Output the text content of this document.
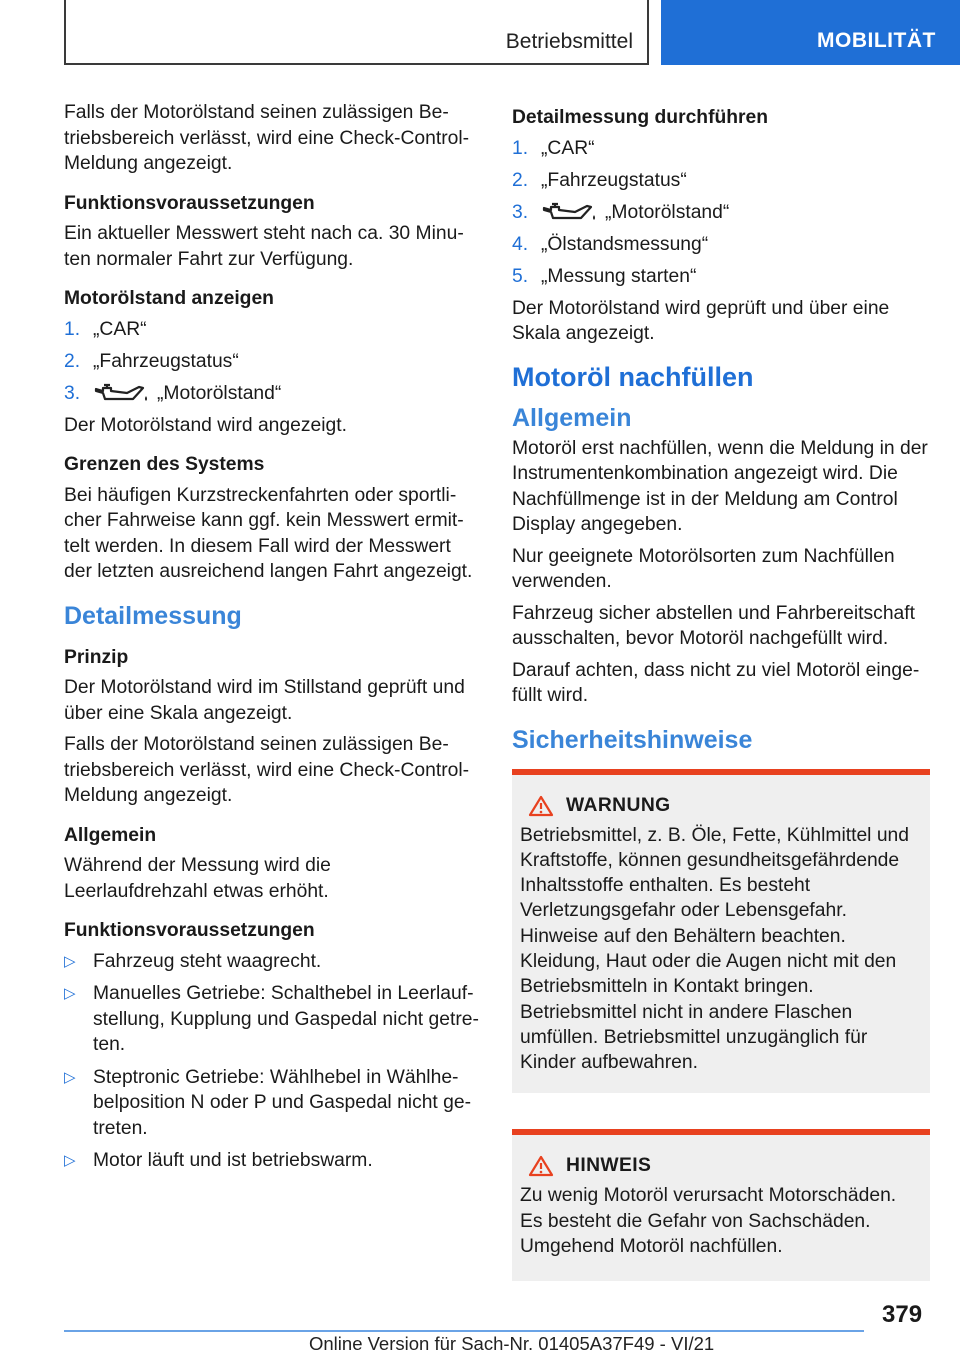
Betriebsmittel	MOBILITÄT

Falls der Motorölstand seinen zulässigen Betriebsbereich verlässt, wird eine Check-Control-Meldung angezeigt.

Funktionsvoraussetzungen

Ein aktueller Messwert steht nach ca. 30 Minuten normaler Fahrt zur Verfügung.

Motorölstand anzeigen
1. „CAR“
2. „Fahrzeugstatus“
3.	„Motorölstand“

Der Motorölstand wird angezeigt.

Grenzen des Systems

Bei häufigen Kurzstreckenfahrten oder sportlicher Fahrweise kann ggf. kein Messwert ermittelt werden. In diesem Fall wird der Messwert der letzten ausreichend langen Fahrt angezeigt.

Detailmessung
Prinzip

Der Motorölstand wird im Stillstand geprüft und über eine Skala angezeigt.

Falls der Motorölstand seinen zulässigen Betriebsbereich verlässt, wird eine Check-Control-Meldung angezeigt.

Allgemein

Während der Messung wird die Leerlaufdrehzahl etwas erhöht.

Funktionsvoraussetzungen
▷ Fahrzeug steht waagrecht.
▷ Manuelles Getriebe: Schalthebel in Leerlaufstellung, Kupplung und Gaspedal nicht getreten.
▷ Steptronic Getriebe: Wählhebel in Wählhebelposition N oder P und Gaspedal nicht getreten.
▷ Motor läuft und ist betriebswarm.
Detailmessung durchführen
1. „CAR“
2. „Fahrzeugstatus“
3.	„Motorölstand“
4. „Ölstandsmessung“
5. „Messung starten“

Der Motorölstand wird geprüft und über eine Skala angezeigt.

Motoröl nachfüllen
Allgemein

Motoröl erst nachfüllen, wenn die Meldung in der Instrumentenkombination angezeigt wird. Die Nachfüllmenge ist in der Meldung am Control Display angegeben.

Nur geeignete Motorölsorten zum Nachfüllen verwenden.

Fahrzeug sicher abstellen und Fahrbereitschaft ausschalten, bevor Motoröl nachgefüllt wird.

Darauf achten, dass nicht zu viel Motoröl eingefüllt wird.

Sicherheitshinweise
WARNUNG

Betriebsmittel, z. B. Öle, Fette, Kühlmittel und Kraftstoffe, können gesundheitsgefährdende Inhaltsstoffe enthalten. Es besteht Verletzungsgefahr oder Lebensgefahr. Hinweise auf den Behältern beachten. Kleidung, Haut oder die Augen nicht mit den Betriebsmitteln in Kontakt bringen. Betriebsmittel nicht in andere Flaschen umfüllen. Betriebsmittel unzugänglich für Kinder aufbewahren.

HINWEIS

Zu wenig Motoröl verursacht Motorschäden. Es besteht die Gefahr von Sachschäden. Umgehend Motoröl nachfüllen.

379
Online Version für Sach-Nr. 01405A37F49 - VI/21
